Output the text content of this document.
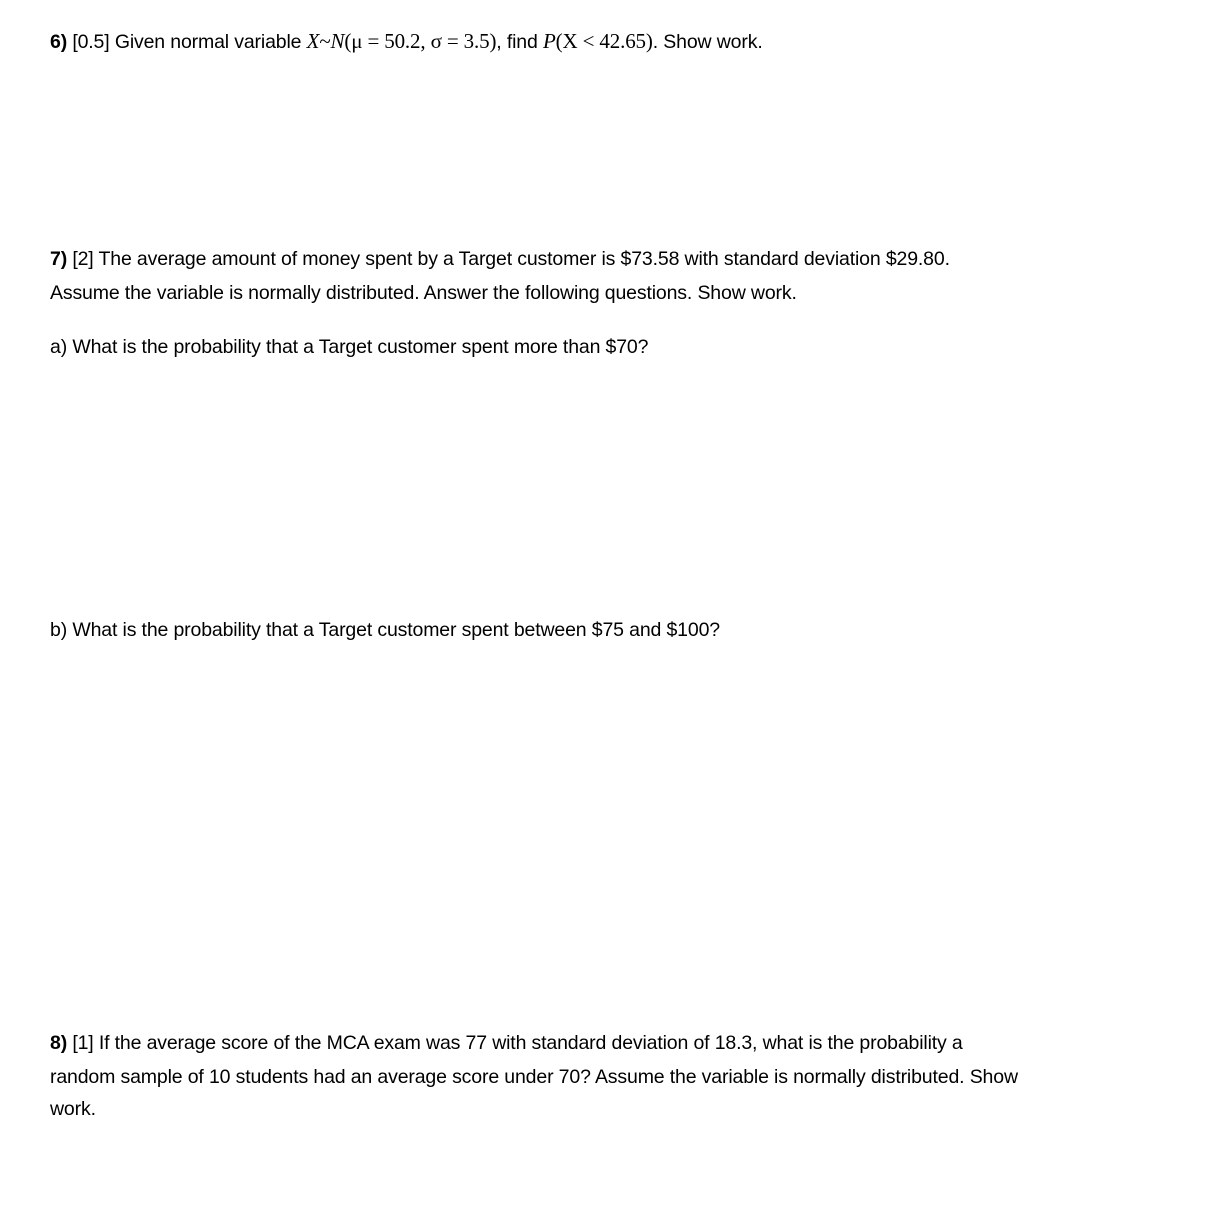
6) [0.5] Given normal variable X~N(μ = 50.2, σ = 3.5), find P(X < 42.65). Show work.
7) [2] The average amount of money spent by a Target customer is $73.58 with standard deviation $29.80.
Assume the variable is normally distributed. Answer the following questions. Show work.
a) What is the probability that a Target customer spent more than $70?
b) What is the probability that a Target customer spent between $75 and $100?
8) [1] If the average score of the MCA exam was 77 with standard deviation of 18.3, what is the probability a
random sample of 10 students had an average score under 70? Assume the variable is normally distributed. Show
work.
